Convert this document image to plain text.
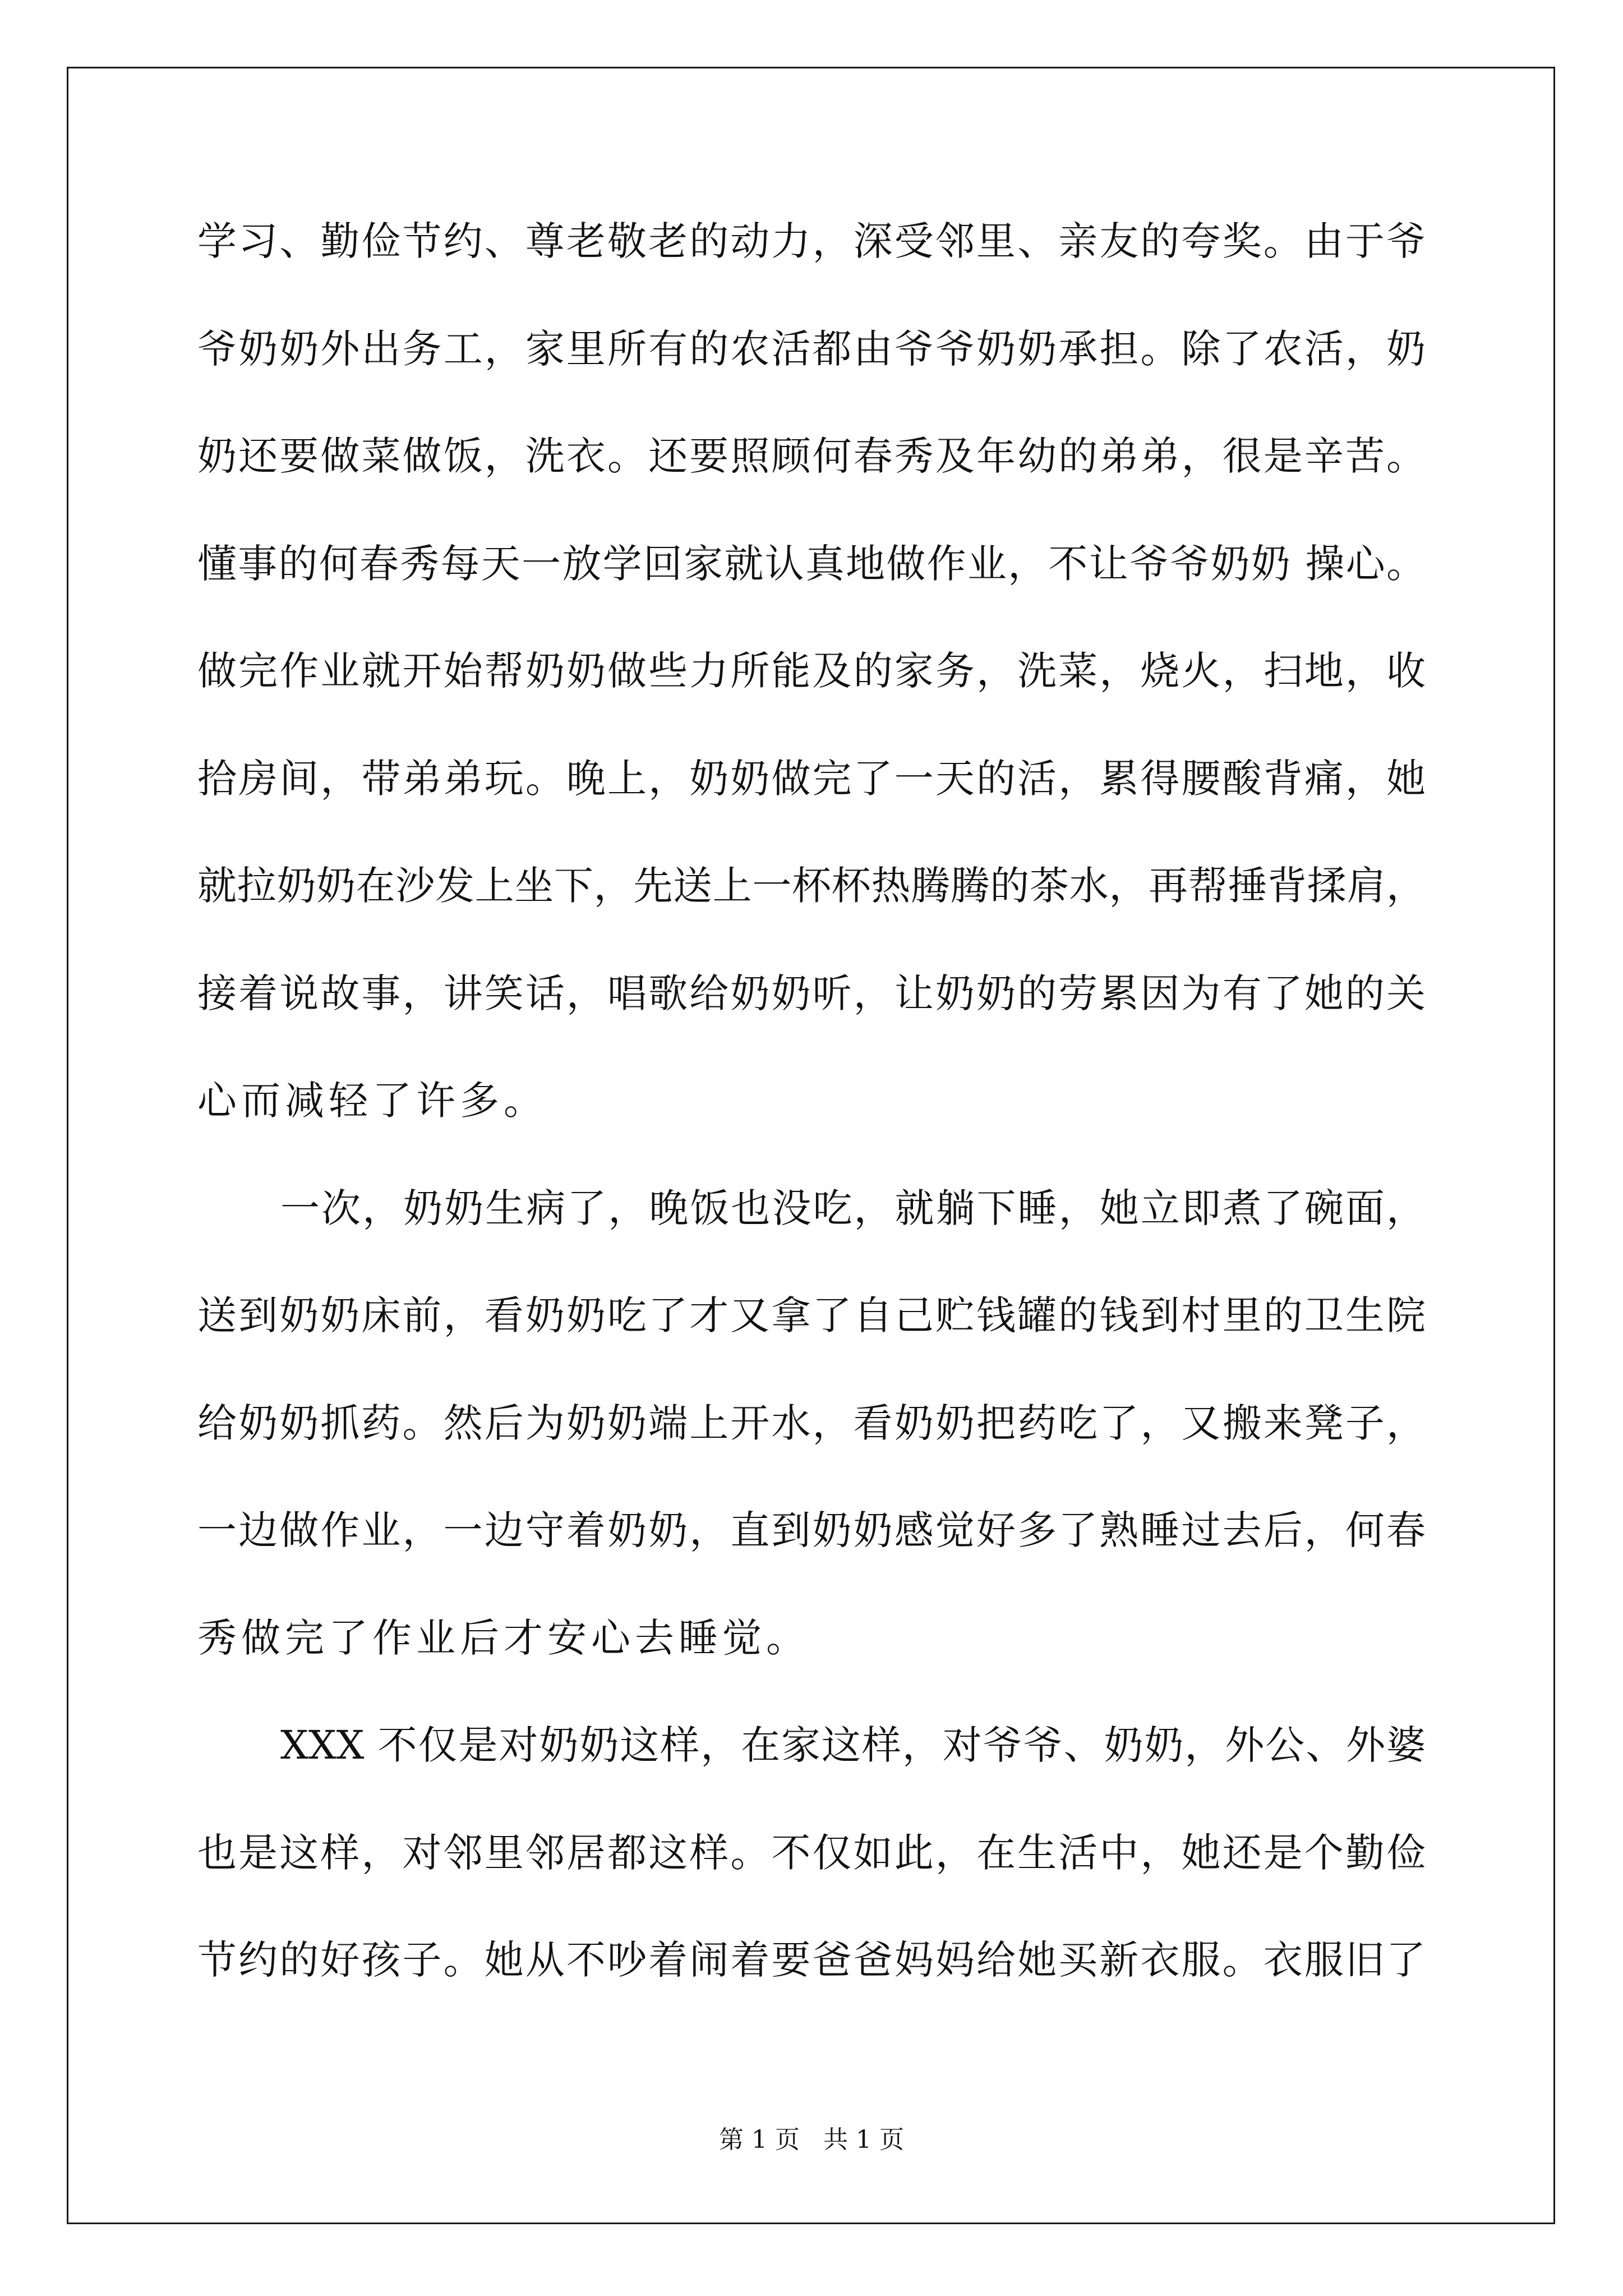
学习、勤俭节约、尊老敬老的动力，深受邻里、亲友的夸奖。由于爷
爷奶奶外出务工，家里所有的农活都由爷爷奶奶承担。除了农活，奶
奶还要做菜做饭，洗衣。还要照顾何春秀及年幼的弟弟，很是辛苦。
懂事的何春秀每天一放学回家就认真地做作业，不让爷爷奶奶 操心。
做完作业就开始帮奶奶做些力所能及的家务，洗菜，烧火，扫地，收
拾房间，带弟弟玩。晚上，奶奶做完了一天的活，累得腰酸背痛，她
就拉奶奶在沙发上坐下，先送上一杯杯热腾腾的茶水，再帮捶背揉肩，
接着说故事，讲笑话，唱歌给奶奶听，让奶奶的劳累因为有了她的关
心而减轻了许多。
一次，奶奶生病了，晚饭也没吃，就躺下睡，她立即煮了碗面，
送到奶奶床前，看奶奶吃了才又拿了自己贮钱罐的钱到村里的卫生院
给奶奶抓药。然后为奶奶端上开水，看奶奶把药吃了，又搬来凳子，
一边做作业，一边守着奶奶，直到奶奶感觉好多了熟睡过去后，何春
秀做完了作业后才安心去睡觉。
XXX 不仅是对奶奶这样，在家这样，对爷爷、奶奶，外公、外婆
也是这样，对邻里邻居都这样。不仅如此，在生活中，她还是个勤俭
节约的好孩子。她从不吵着闹着要爸爸妈妈给她买新衣服。衣服旧了
第 1 页   共 1 页
